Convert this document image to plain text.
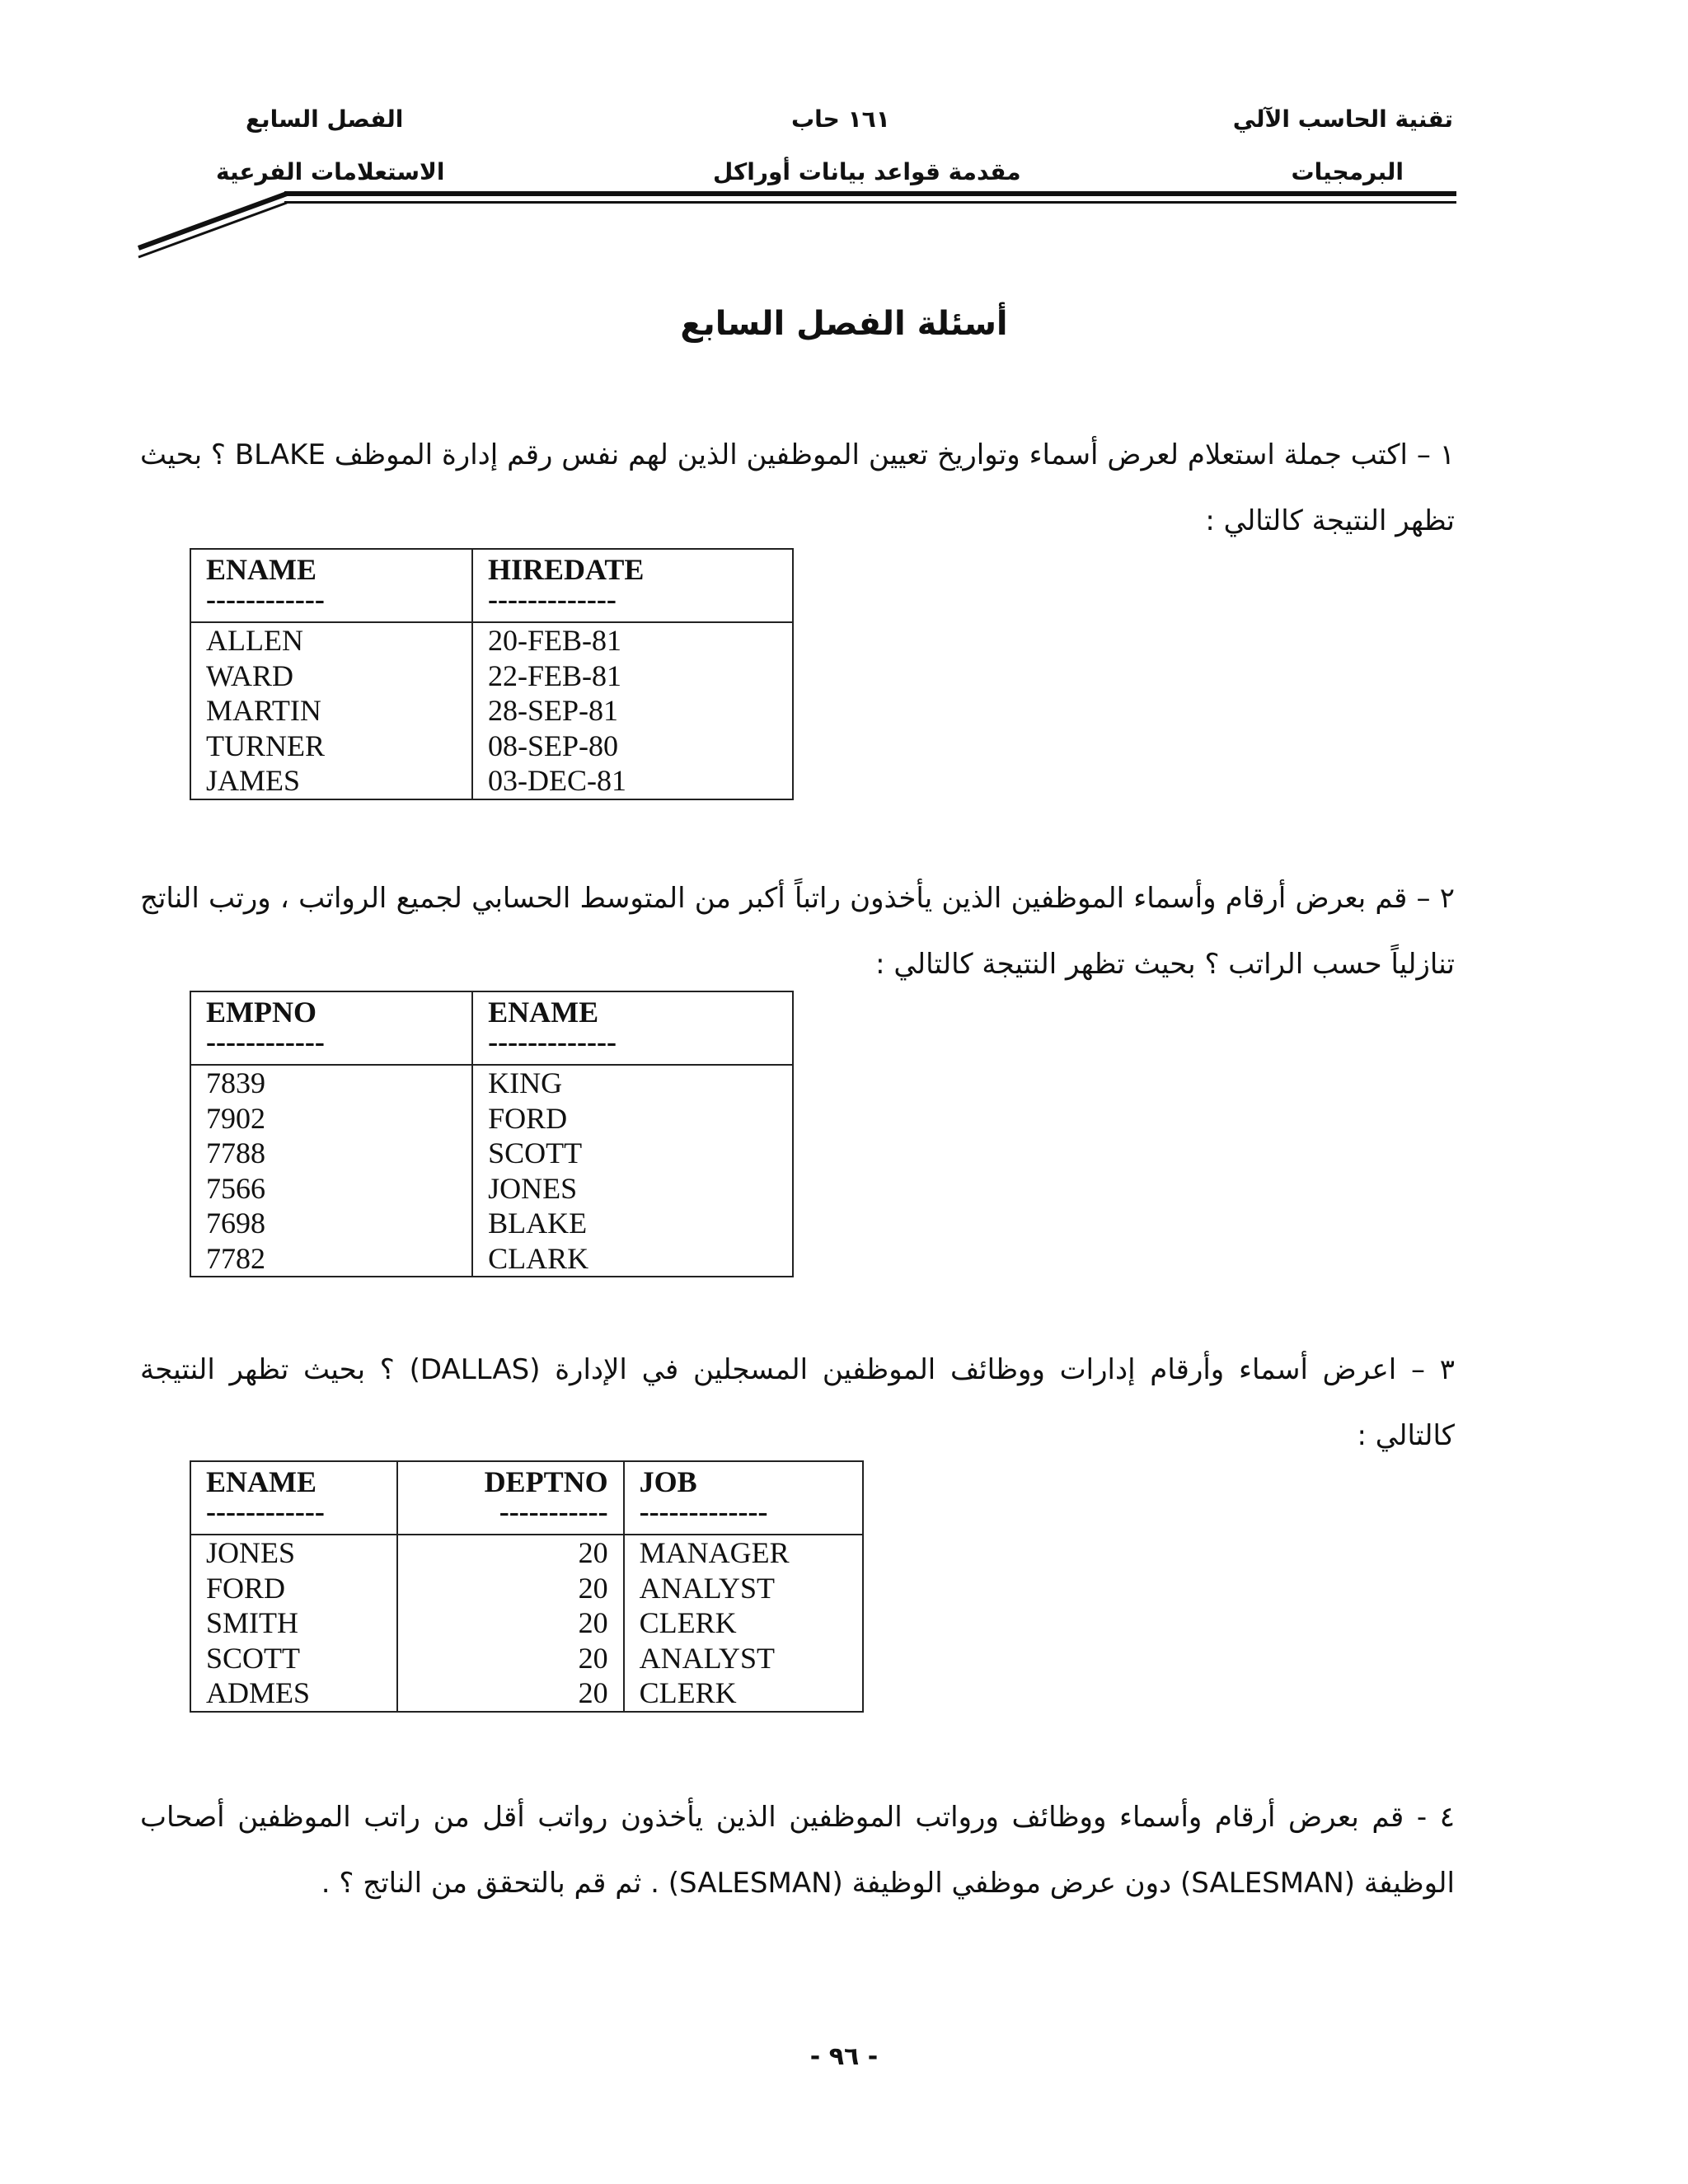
تقنية الحاسب الآلي
البرمجيات
١٦١ حاب
مقدمة قواعد بيانات أوراكل
الفصل السابع
الاستعلامات الفرعية
أسئلة الفصل السابع
١ – اكتب جملة استعلام لعرض أسماء وتواريخ تعيين الموظفين الذين لهم نفس رقم إدارة الموظف BLAKE ؟ بحيث تظهر النتيجة كالتالي :
ENAME	HIREDATE
------------	-------------
ALLEN	20-FEB-81
WARD	22-FEB-81
MARTIN	28-SEP-81
TURNER	08-SEP-80
JAMES	03-DEC-81
٢ – قم بعرض أرقام وأسماء الموظفين الذين يأخذون راتباً أكبر من المتوسط الحسابي لجميع الرواتب ، ورتب الناتج تنازلياً حسب الراتب ؟ بحيث تظهر النتيجة كالتالي :
EMPNO	ENAME
------------	-------------
7839	KING
7902	FORD
7788	SCOTT
7566	JONES
7698	BLAKE
7782	CLARK
٣ – اعرض أسماء وأرقام إدارات ووظائف الموظفين المسجلين في الإدارة (DALLAS) ؟ بحيث تظهر النتيجة كالتالي :
ENAME	DEPTNO	JOB
------------	-----------	-------------
JONES	20	MANAGER
FORD	20	ANALYST
SMITH	20	CLERK
SCOTT	20	ANALYST
ADMES	20	CLERK
٤ - قم بعرض أرقام وأسماء ووظائف ورواتب الموظفين الذين يأخذون رواتب أقل من راتب الموظفين أصحاب الوظيفة (SALESMAN) دون عرض موظفي الوظيفة (SALESMAN) . ثم قم بالتحقق من الناتج ؟ .
- ٩٦ -
